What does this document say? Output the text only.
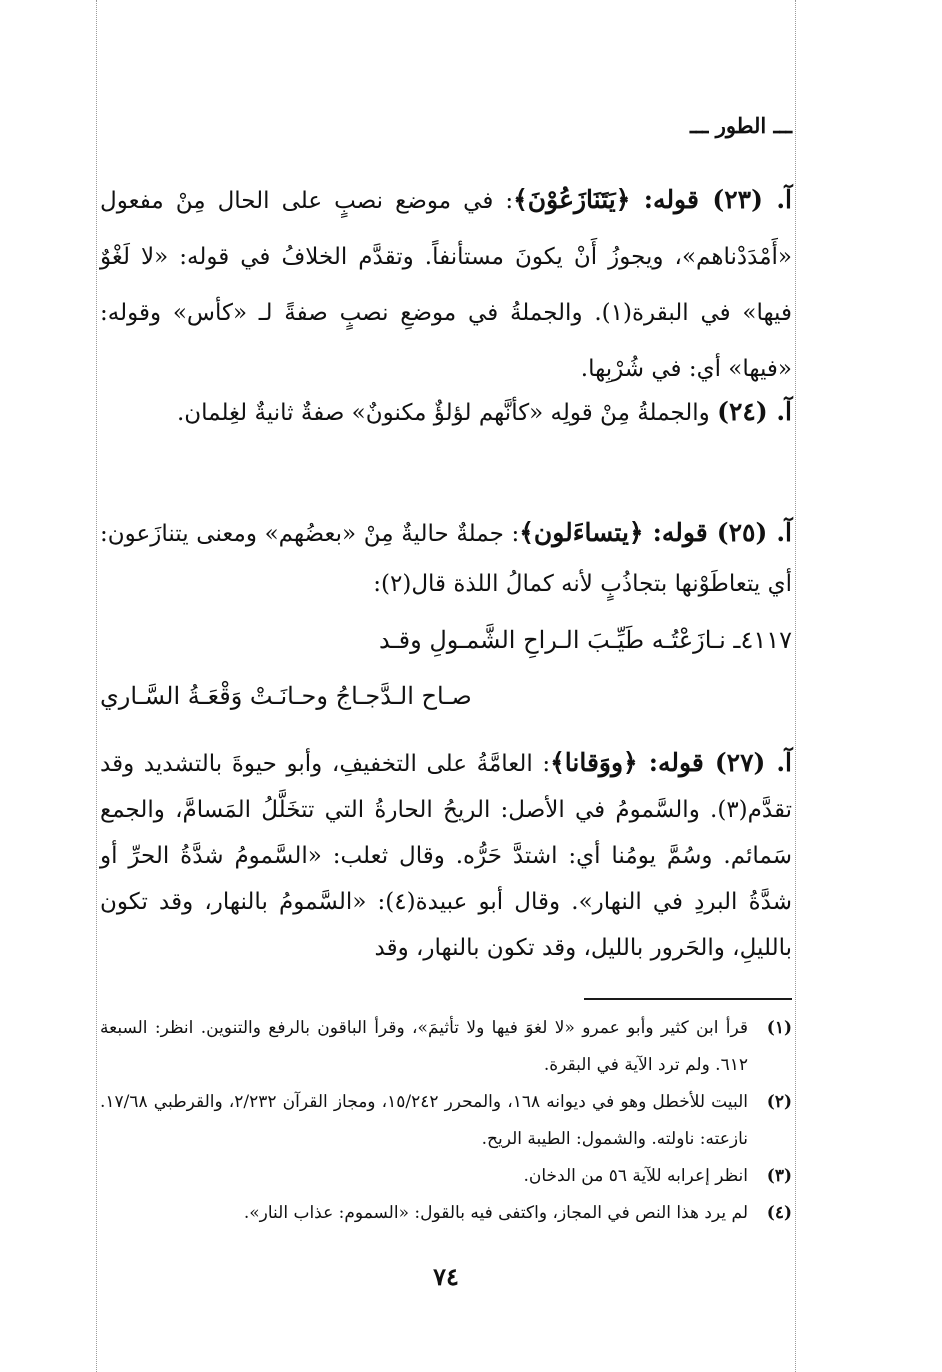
ـــ الطور ـــ

آ. (٢٣) قوله: ﴿يَتَنَازَعُوْنَ﴾: في موضع نصبٍ على الحال مِنْ مفعول «أَمْدَدْناهم»، ويجوزُ أَنْ يكونَ مستأنفاً. وتقدَّم الخلافُ في قوله: «لا لَغْوٌ فيها» في البقرة(١). والجملةُ في موضعِ نصبٍ صفةً لـ «كأس» وقوله: «فيها» أي: في شُرْبِها.

آ. (٢٤) والجملةُ مِنْ قولِه «كأنَّهم لؤلؤٌ مكنونٌ» صفةٌ ثانيةٌ لغِلمان.

آ. (٢٥) قوله: ﴿يتساءَلون﴾: جملةٌ حاليةٌ مِنْ «بعضُهم» ومعنى يتنازَعون: أي يتعاطَوْنها بتجاذُبٍ لأنه كمالُ اللذة قال(٢):

٤١١٧ـ نـازَعْتُـه طَيِّـبَ الـراحِ الشَّمـولِ وقـد
صـاح الـدَّجـاجُ وحـانَـتْ وَقْعَـةُ السَّـاري

آ. (٢٧) قوله: ﴿ووَقانا﴾: العامَّةُ على التخفيفِ، وأبو حيوةَ بالتشديد وقد تقدَّم(٣). والسَّمومُ في الأصل: الريحُ الحارةُ التي تتخَلَّلُ المَسامَّ، والجمع سَمائم. وسُمَّ يومُنا أي: اشتدَّ حَرُّه. وقال ثعلب: «السَّمومُ شدَّةُ الحرِّ أو شدَّةُ البردِ في النهار». وقال أبو عبيدة(٤): «السَّمومُ بالنهار، وقد تكون بالليلِ، والحَرور بالليل، وقد تكون بالنهار، وقد

(١)
قرأ ابن كثير وأبو عمرو «لا لغوَ فيها ولا تأثيمَ»، وقرأ الباقون بالرفع والتنوين. انظر: السبعة ٦١٢. ولم ترد الآية في البقرة.
(٢)
البيت للأخطل وهو في ديوانه ١٦٨، والمحرر ١٥/٢٤٢، ومجاز القرآن ٢/٢٣٢، والقرطبي ١٧/٦٨. نازعته: ناولته. والشمول: الطيبة الريح.
(٣)
انظر إعرابه للآية ٥٦ من الدخان.
(٤)
لم يرد هذا النص في المجاز، واكتفى فيه بالقول: «السموم: عذاب النار».
٧٤
